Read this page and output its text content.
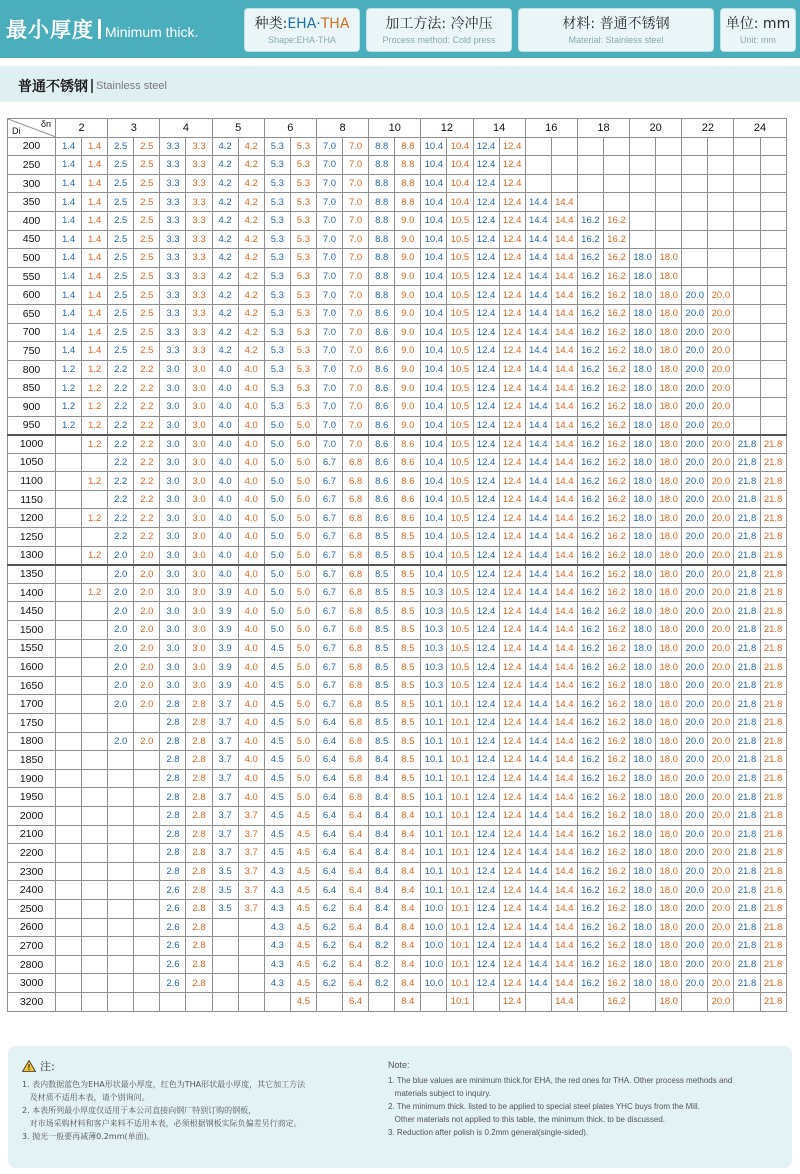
最小厚度 Minimum thick.	种类:EHA·THA
Shape:EHA·THA
加工方法: 冷冲压
Process method: Cold press
材料: 普通不锈钢
Material: Stainless steel
单位: mm
Unit: mm
普通不锈钢 Stainless steel
Di
δn	2		3		4		5		6		8		10		12		14		16		18		20		22		24	
200	1.4	1.4	2.5	2.5	3.3	3.3	4.2	4.2	5.3	5.3	7.0	7.0	8.8	8.8	10.4	10.4	12.4	12.4										
250	1.4	1.4	2.5	2.5	3.3	3.3	4.2	4.2	5.3	5.3	7.0	7.0	8.8	8.8	10.4	10.4	12.4	12.4										
300	1.4	1.4	2.5	2.5	3.3	3.3	4.2	4.2	5.3	5.3	7.0	7.0	8.8	8.8	10.4	10.4	12.4	12.4										
350	1.4	1.4	2.5	2.5	3.3	3.3	4.2	4.2	5.3	5.3	7.0	7.0	8.8	8.8	10.4	10.4	12.4	12.4	14.4	14.4								
400	1.4	1.4	2.5	2.5	3.3	3.3	4.2	4.2	5.3	5.3	7.0	7.0	8.8	9.0	10.4	10.5	12.4	12.4	14.4	14.4	16.2	16.2						
450	1.4	1.4	2.5	2.5	3.3	3.3	4.2	4.2	5.3	5.3	7.0	7.0	8.8	9.0	10.4	10.5	12.4	12.4	14.4	14.4	16.2	16.2						
500	1.4	1.4	2.5	2.5	3.3	3.3	4.2	4.2	5.3	5.3	7.0	7.0	8.8	9.0	10.4	10.5	12.4	12.4	14.4	14.4	16.2	16.2	18.0	18.0				
550	1.4	1.4	2.5	2.5	3.3	3.3	4.2	4.2	5.3	5.3	7.0	7.0	8.8	9.0	10.4	10.5	12.4	12.4	14.4	14.4	16.2	16.2	18.0	18.0				
600	1.4	1.4	2.5	2.5	3.3	3.3	4.2	4.2	5.3	5.3	7.0	7.0	8.8	9.0	10.4	10.5	12.4	12.4	14.4	14.4	16.2	16.2	18.0	18.0	20.0	20.0		
650	1.4	1.4	2.5	2.5	3.3	3.3	4.2	4.2	5.3	5.3	7.0	7.0	8.6	9.0	10.4	10.5	12.4	12.4	14.4	14.4	16.2	16.2	18.0	18.0	20.0	20.0		
700	1.4	1.4	2.5	2.5	3.3	3.3	4.2	4.2	5.3	5.3	7.0	7.0	8.6	9.0	10.4	10.5	12.4	12.4	14.4	14.4	16.2	16.2	18.0	18.0	20.0	20.0		
750	1.4	1.4	2.5	2.5	3.3	3.3	4.2	4.2	5.3	5.3	7.0	7.0	8.6	9.0	10.4	10.5	12.4	12.4	14.4	14.4	16.2	16.2	18.0	18.0	20.0	20.0		
800	1.2	1.2	2.2	2.2	3.0	3.0	4.0	4.0	5.3	5.3	7.0	7.0	8.6	9.0	10.4	10.5	12.4	12.4	14.4	14.4	16.2	16.2	18.0	18.0	20.0	20.0		
850	1.2	1.2	2.2	2.2	3.0	3.0	4.0	4.0	5.3	5.3	7.0	7.0	8.6	9.0	10.4	10.5	12.4	12.4	14.4	14.4	16.2	16.2	18.0	18.0	20.0	20.0		
900	1.2	1.2	2.2	2.2	3.0	3.0	4.0	4.0	5.3	5.3	7.0	7.0	8.6	9.0	10.4	10.5	12.4	12.4	14.4	14.4	16.2	16.2	18.0	18.0	20.0	20.0		
950	1.2	1.2	2.2	2.2	3.0	3.0	4.0	4.0	5.0	5.0	7.0	7.0	8.6	9.0	10.4	10.5	12.4	12.4	14.4	14.4	16.2	16.2	18.0	18.0	20.0	20.0		
1000		1.2	2.2	2.2	3.0	3.0	4.0	4.0	5.0	5.0	7.0	7.0	8.6	8.6	10.4	10.5	12.4	12.4	14.4	14.4	16.2	16.2	18.0	18.0	20.0	20.0	21.8	21.8
1050			2.2	2.2	3.0	3.0	4.0	4.0	5.0	5.0	6.7	6.8	8.6	8.6	10.4	10.5	12.4	12.4	14.4	14.4	16.2	16.2	18.0	18.0	20.0	20.0	21.8	21.8
1100		1.2	2.2	2.2	3.0	3.0	4.0	4.0	5.0	5.0	6.7	6.8	8.6	8.6	10.4	10.5	12.4	12.4	14.4	14.4	16.2	16.2	18.0	18.0	20.0	20.0	21.8	21.8
1150			2.2	2.2	3.0	3.0	4.0	4.0	5.0	5.0	6.7	6.8	8.6	8.6	10.4	10.5	12.4	12.4	14.4	14.4	16.2	16.2	18.0	18.0	20.0	20.0	21.8	21.8
1200		1.2	2.2	2.2	3.0	3.0	4.0	4.0	5.0	5.0	6.7	6.8	8.6	8.6	10.4	10.5	12.4	12.4	14.4	14.4	16.2	16.2	18.0	18.0	20.0	20.0	21.8	21.8
1250			2.2	2.2	3.0	3.0	4.0	4.0	5.0	5.0	6.7	6.8	8.5	8.5	10.4	10.5	12.4	12.4	14.4	14.4	16.2	16.2	18.0	18.0	20.0	20.0	21.8	21.8
1300		1.2	2.0	2.0	3.0	3.0	4.0	4.0	5.0	5.0	6.7	6.8	8.5	8.5	10.4	10.5	12.4	12.4	14.4	14.4	16.2	16.2	18.0	18.0	20.0	20.0	21.8	21.8
1350			2.0	2.0	3.0	3.0	4.0	4.0	5.0	5.0	6.7	6.8	8.5	8.5	10.4	10.5	12.4	12.4	14.4	14.4	16.2	16.2	18.0	18.0	20.0	20.0	21.8	21.8
1400		1.2	2.0	2.0	3.0	3.0	3.9	4.0	5.0	5.0	6.7	6.8	8.5	8.5	10.3	10.5	12.4	12.4	14.4	14.4	16.2	16.2	18.0	18.0	20.0	20.0	21.8	21.8
1450			2.0	2.0	3.0	3.0	3.9	4.0	5.0	5.0	6.7	6.8	8.5	8.5	10.3	10.5	12.4	12.4	14.4	14.4	16.2	16.2	18.0	18.0	20.0	20.0	21.8	21.8
1500			2.0	2.0	3.0	3.0	3.9	4.0	5.0	5.0	6.7	6.8	8.5	8.5	10.3	10.5	12.4	12.4	14.4	14.4	16.2	16.2	18.0	18.0	20.0	20.0	21.8	21.8
1550			2.0	2.0	3.0	3.0	3.9	4.0	4.5	5.0	6.7	6.8	8.5	8.5	10.3	10.5	12.4	12.4	14.4	14.4	16.2	16.2	18.0	18.0	20.0	20.0	21.8	21.8
1600			2.0	2.0	3.0	3.0	3.9	4.0	4.5	5.0	6.7	6.8	8.5	8.5	10.3	10.5	12.4	12.4	14.4	14.4	16.2	16.2	18.0	18.0	20.0	20.0	21.8	21.8
1650			2.0	2.0	3.0	3.0	3.9	4.0	4.5	5.0	6.7	6.8	8.5	8.5	10.3	10.5	12.4	12.4	14.4	14.4	16.2	16.2	18.0	18.0	20.0	20.0	21.8	21.8
1700			2.0	2.0	2.8	2.8	3.7	4.0	4.5	5.0	6.7	6.8	8.5	8.5	10.1	10.1	12.4	12.4	14.4	14.4	16.2	16.2	18.0	18.0	20.0	20.0	21.8	21.8
1750					2.8	2.8	3.7	4.0	4.5	5.0	6.4	6.8	8.5	8.5	10.1	10.1	12.4	12.4	14.4	14.4	16.2	16.2	18.0	18.0	20.0	20.0	21.8	21.8
1800			2.0	2.0	2.8	2.8	3.7	4.0	4.5	5.0	6.4	6.8	8.5	8.5	10.1	10.1	12.4	12.4	14.4	14.4	16.2	16.2	18.0	18.0	20.0	20.0	21.8	21.8
1850					2.8	2.8	3.7	4.0	4.5	5.0	6.4	6.8	8.4	8.5	10.1	10.1	12.4	12.4	14.4	14.4	16.2	16.2	18.0	18.0	20.0	20.0	21.8	21.8
1900					2.8	2.8	3.7	4.0	4.5	5.0	6.4	6.8	8.4	8.5	10.1	10.1	12.4	12.4	14.4	14.4	16.2	16.2	18.0	18.0	20.0	20.0	21.8	21.8
1950					2.8	2.8	3.7	4.0	4.5	5.0	6.4	6.8	8.4	8.5	10.1	10.1	12.4	12.4	14.4	14.4	16.2	16.2	18.0	18.0	20.0	20.0	21.8	21.8
2000					2.8	2.8	3.7	3.7	4.5	4.5	6.4	6.4	8.4	8.4	10.1	10.1	12.4	12.4	14.4	14.4	16.2	16.2	18.0	18.0	20.0	20.0	21.8	21.8
2100					2.8	2.8	3.7	3.7	4.5	4.5	6.4	6.4	8.4	8.4	10.1	10.1	12.4	12.4	14.4	14.4	16.2	16.2	18.0	18.0	20.0	20.0	21.8	21.8
2200					2.8	2.8	3.7	3.7	4.5	4.5	6.4	6.4	8.4	8.4	10.1	10.1	12.4	12.4	14.4	14.4	16.2	16.2	18.0	18.0	20.0	20.0	21.8	21.8
2300					2.8	2.8	3.5	3.7	4.3	4.5	6.4	6.4	8.4	8.4	10.1	10.1	12.4	12.4	14.4	14.4	16.2	16.2	18.0	18.0	20.0	20.0	21.8	21.8
2400					2.6	2.8	3.5	3.7	4.3	4.5	6.4	6.4	8.4	8.4	10.1	10.1	12.4	12.4	14.4	14.4	16.2	16.2	18.0	18.0	20.0	20.0	21.8	21.8
2500					2.6	2.8	3.5	3.7	4.3	4.5	6.2	6.4	8.4	8.4	10.0	10.1	12.4	12.4	14.4	14.4	16.2	16.2	18.0	18.0	20.0	20.0	21.8	21.8
2600					2.6	2.8			4.3	4.5	6.2	6.4	8.4	8.4	10.0	10.1	12.4	12.4	14.4	14.4	16.2	16.2	18.0	18.0	20.0	20.0	21.8	21.8
2700					2.6	2.8			4.3	4.5	6.2	6.4	8.2	8.4	10.0	10.1	12.4	12.4	14.4	14.4	16.2	16.2	18.0	18.0	20.0	20.0	21.8	21.8
2800					2.6	2.8			4.3	4.5	6.2	6.4	8.2	8.4	10.0	10.1	12.4	12.4	14.4	14.4	16.2	16.2	18.0	18.0	20.0	20.0	21.8	21.8
3000					2.6	2.8			4.3	4.5	6.2	6.4	8.2	8.4	10.0	10.1	12.4	12.4	14.4	14.4	16.2	16.2	18.0	18.0	20.0	20.0	21.8	21.8
3200										4.5		6.4		8.4		10.1		12.4		14.4		16.2		18.0		20.0		21.8
注:
1. 表内数据蓝色为EHA形状最小厚度，红色为THA形状最小厚度，其它加工方法
及材质不适用本表，请个别询问。
2. 本表所列最小厚度仅适用于本公司直接向钢厂特别订购的钢板，
对市场采购材料和客户来料不适用本表，必须根据钢板实际负偏差另行商定。
3. 抛光一般要再减薄0.2mm(单面)。
Note:
1. The blue values are minimum thick.for EHA, the red ones for THA. Other process methods and
materials subject to inquiry.
2. The minimum thick. listed to be applied to special steel plates YHC buys from the Mill.
Other materials not applied to this table, the minimum thick. to be discussed.
3. Reduction after polish is 0.2mm general(single-sided).
